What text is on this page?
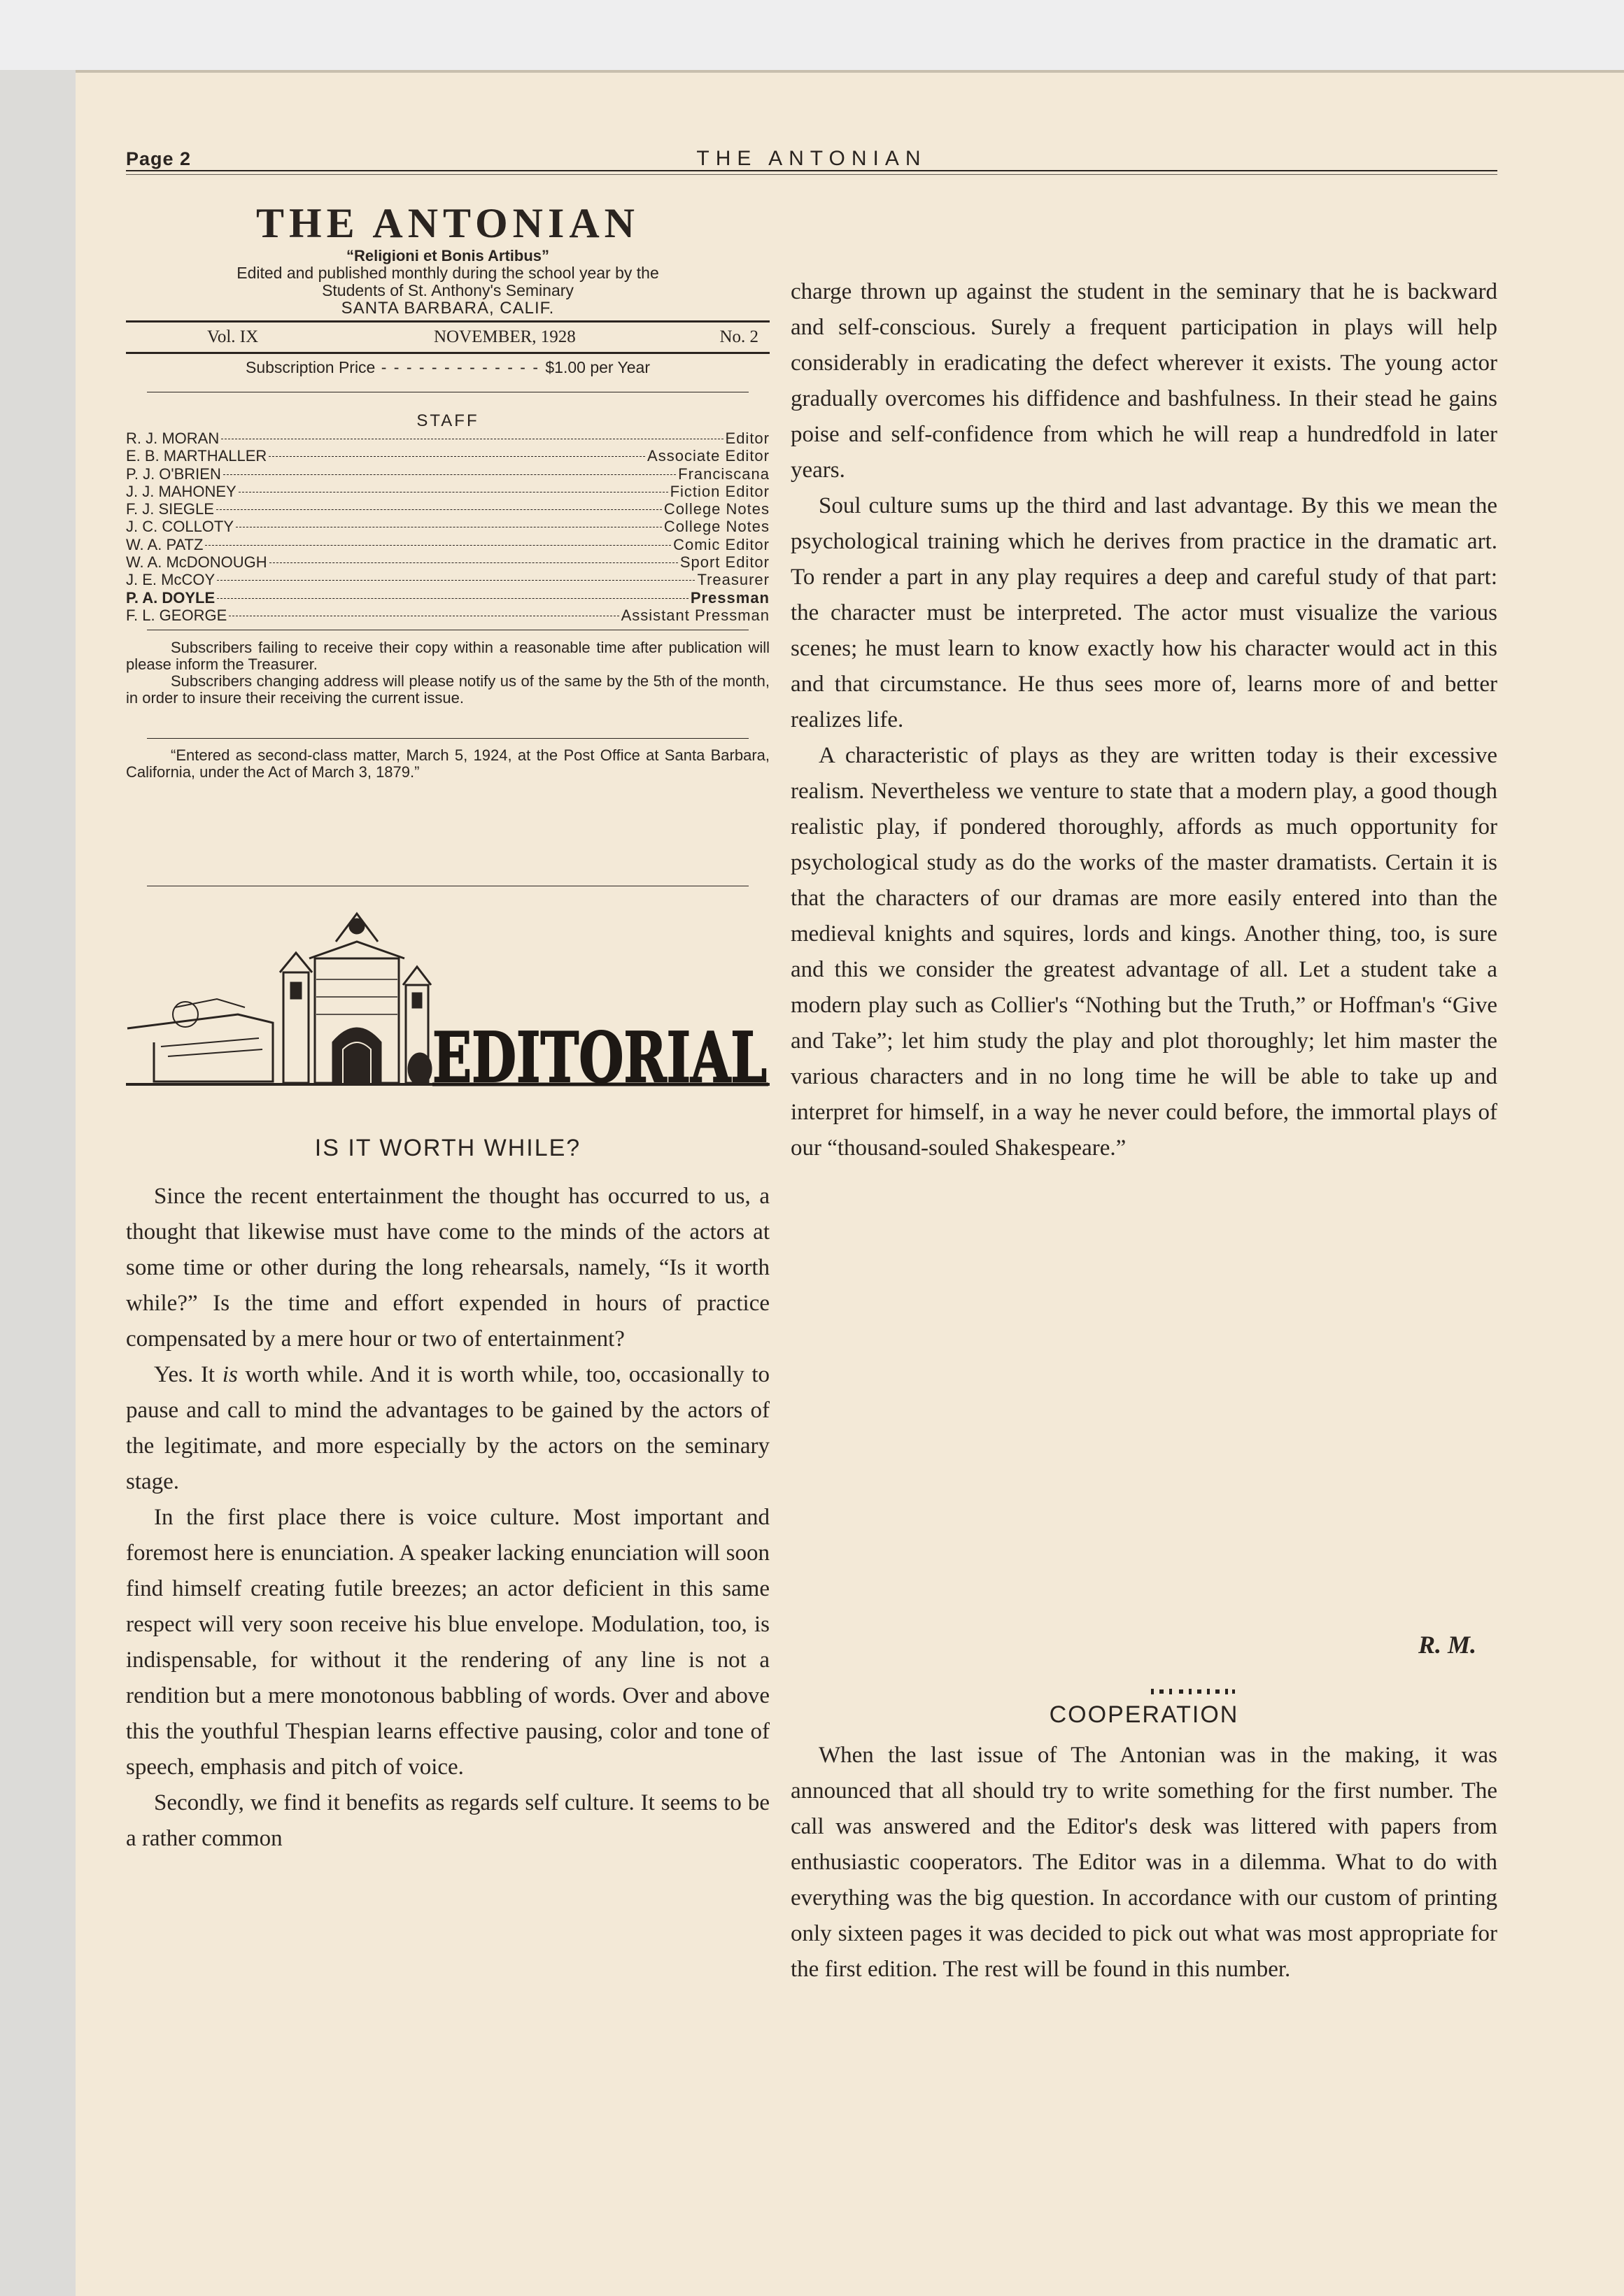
Page 2	THE ANTONIAN
THE ANTONIAN
“Religioni et Bonis Artibus”
Edited and published monthly during the school year by the
Students of St. Anthony's Seminary
SANTA BARBARA, CALIF.
Vol. IX	NOVEMBER, 1928	No. 2
Subscription Price - - - - - - - - - - - - - $1.00 per Year
STAFF
R. J. MORAN	Editor
E. B. MARTHALLER	Associate Editor
P. J. O'BRIEN	Franciscana
J. J. MAHONEY	Fiction Editor
F. J. SIEGLE	College Notes
J. C. COLLOTY	College Notes
W. A. PATZ	Comic Editor
W. A. McDONOUGH	Sport Editor
J. E. McCOY	Treasurer
P. A. DOYLE	Pressman
F. L. GEORGE	Assistant Pressman

Subscribers failing to receive their copy within a reasonable time after publication will please inform the Treasurer.

Subscribers changing address will please notify us of the same by the 5th of the month, in order to insure their receiving the current issue.

“Entered as second-class matter, March 5, 1924, at the Post Office at Santa Barbara, California, under the Act of March 3, 1879.”

EDITORIAL
IS IT WORTH WHILE?

Since the recent entertainment the thought has occurred to us, a thought that likewise must have come to the minds of the actors at some time or other during the long rehearsals, namely, “Is it worth while?” Is the time and effort expended in hours of practice compensated by a mere hour or two of entertainment?

Yes. It is worth while. And it is worth while, too, occasionally to pause and call to mind the advantages to be gained by the actors of the legitimate, and more especially by the actors on the seminary stage.

In the first place there is voice culture. Most important and foremost here is enunciation. A speaker lacking enunciation will soon find himself creating futile breezes; an actor deficient in this same respect will very soon receive his blue envelope. Modulation, too, is indispensable, for without it the rendering of any line is not a rendition but a mere monotonous babbling of words. Over and above this the youthful Thespian learns effective pausing, color and tone of speech, emphasis and pitch of voice.

Secondly, we find it benefits as regards self culture. It seems to be a rather common

charge thrown up against the student in the seminary that he is backward and self-conscious. Surely a frequent participation in plays will help considerably in eradicating the defect wherever it exists. The young actor gradually overcomes his diffidence and bashfulness. In their stead he gains poise and self-confidence from which he will reap a hundredfold in later years.

Soul culture sums up the third and last advantage. By this we mean the psychological training which he derives from practice in the dramatic art. To render a part in any play requires a deep and careful study of that part: the character must be interpreted. The actor must visualize the various scenes; he must learn to know exactly how his character would act in this and that circumstance. He thus sees more of, learns more of and better realizes life.

A characteristic of plays as they are written today is their excessive realism. Nevertheless we venture to state that a modern play, a good though realistic play, if pondered thoroughly, affords as much opportunity for psychological study as do the works of the master dramatists. Certain it is that the characters of our dramas are more easily entered into than the medieval knights and squires, lords and kings. Another thing, too, is sure and this we consider the greatest advantage of all. Let a student take a modern play such as Collier's “Nothing but the Truth,” or Hoffman's “Give and Take”; let him study the play and plot thoroughly; let him master the various characters and in no long time he will be able to take up and interpret for himself, in a way he never could before, the immortal plays of our “thousand-souled Shakespeare.”

R. M.
COOPERATION

When the last issue of The Antonian was in the making, it was announced that all should try to write something for the first number. The call was answered and the Editor's desk was littered with papers from enthusiastic cooperators. The Editor was in a dilemma. What to do with everything was the big question. In accordance with our custom of printing only sixteen pages it was decided to pick out what was most appropriate for the first edition. The rest will be found in this number.
